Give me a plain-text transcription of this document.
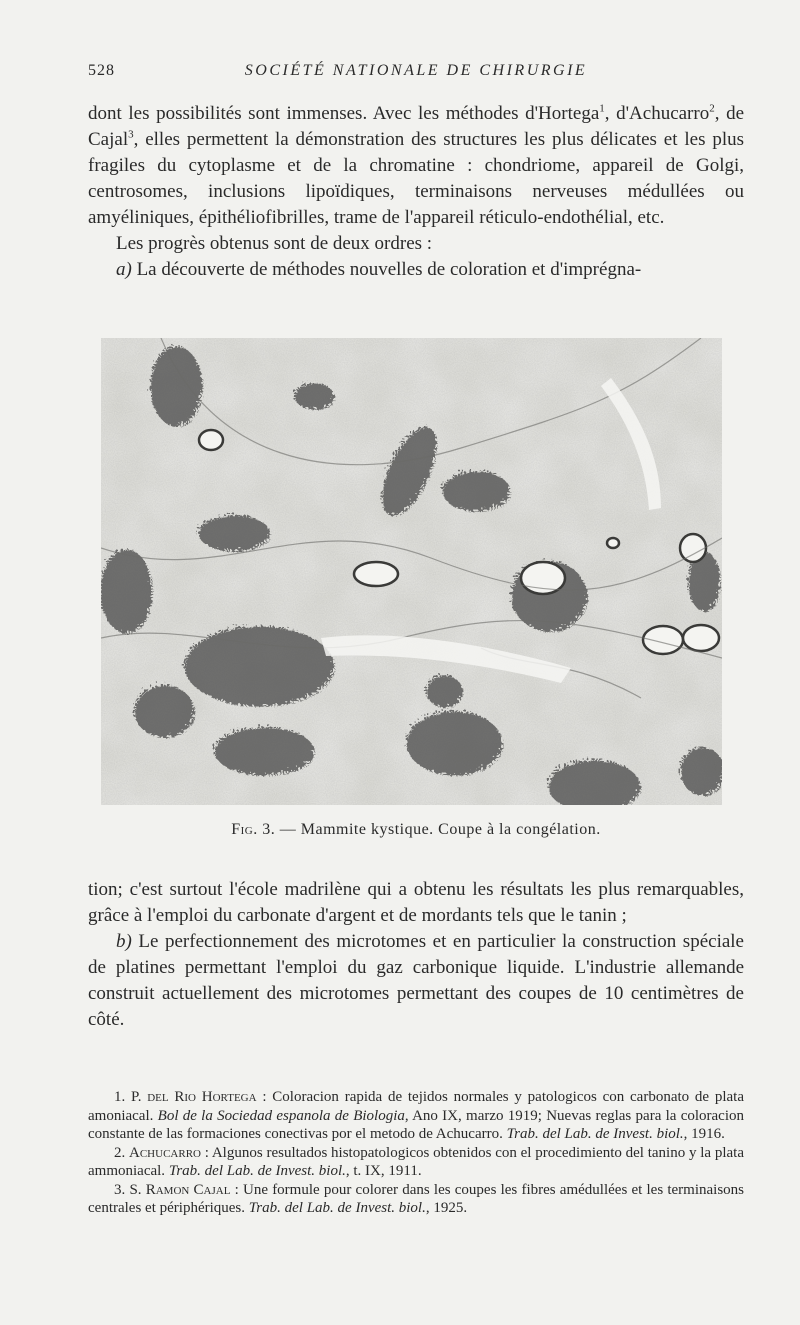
528	SOCIÉTÉ NATIONALE DE CHIRURGIE

dont les possibilités sont immenses. Avec les méthodes d'Hortega$^1$, d'Achucarro$^2$, de Cajal$^3$, elles permettent la démonstration des structures les plus délicates et les plus fragiles du cytoplasme et de la chromatine : chondriome, appareil de Golgi, centrosomes, inclusions lipoïdiques, terminaisons nerveuses médullées ou amyéliniques, épithéliofibrilles, trame de l'appareil réticulo-endothélial, etc.

Les progrès obtenus sont de deux ordres :

a) La découverte de méthodes nouvelles de coloration et d'imprégna-

Fig. 3. — Mammite kystique. Coupe à la congélation.

tion; c'est surtout l'école madrilène qui a obtenu les résultats les plus remarquables, grâce à l'emploi du carbonate d'argent et de mordants tels que le tanin ;

b) Le perfectionnement des microtomes et en particulier la construction spéciale de platines permettant l'emploi du gaz carbonique liquide. L'industrie allemande construit actuellement des microtomes permettant des coupes de 10 centimètres de côté.

1. P. del Rio Hortega : Coloracion rapida de tejidos normales y patologicos con carbonato de plata amoniacal. Bol de la Sociedad espanola de Biologia, Ano IX, marzo 1919; Nuevas reglas para la coloracion constante de las formaciones conectivas por el metodo de Achucarro. Trab. del Lab. de Invest. biol., 1916.

2. Achucarro : Algunos resultados histopatologicos obtenidos con el procedimiento del tanino y la plata ammoniacal. Trab. del Lab. de Invest. biol., t. IX, 1911.

3. S. Ramon Cajal : Une formule pour colorer dans les coupes les fibres amédullées et les terminaisons centrales et périphériques. Trab. del Lab. de Invest. biol., 1925.
